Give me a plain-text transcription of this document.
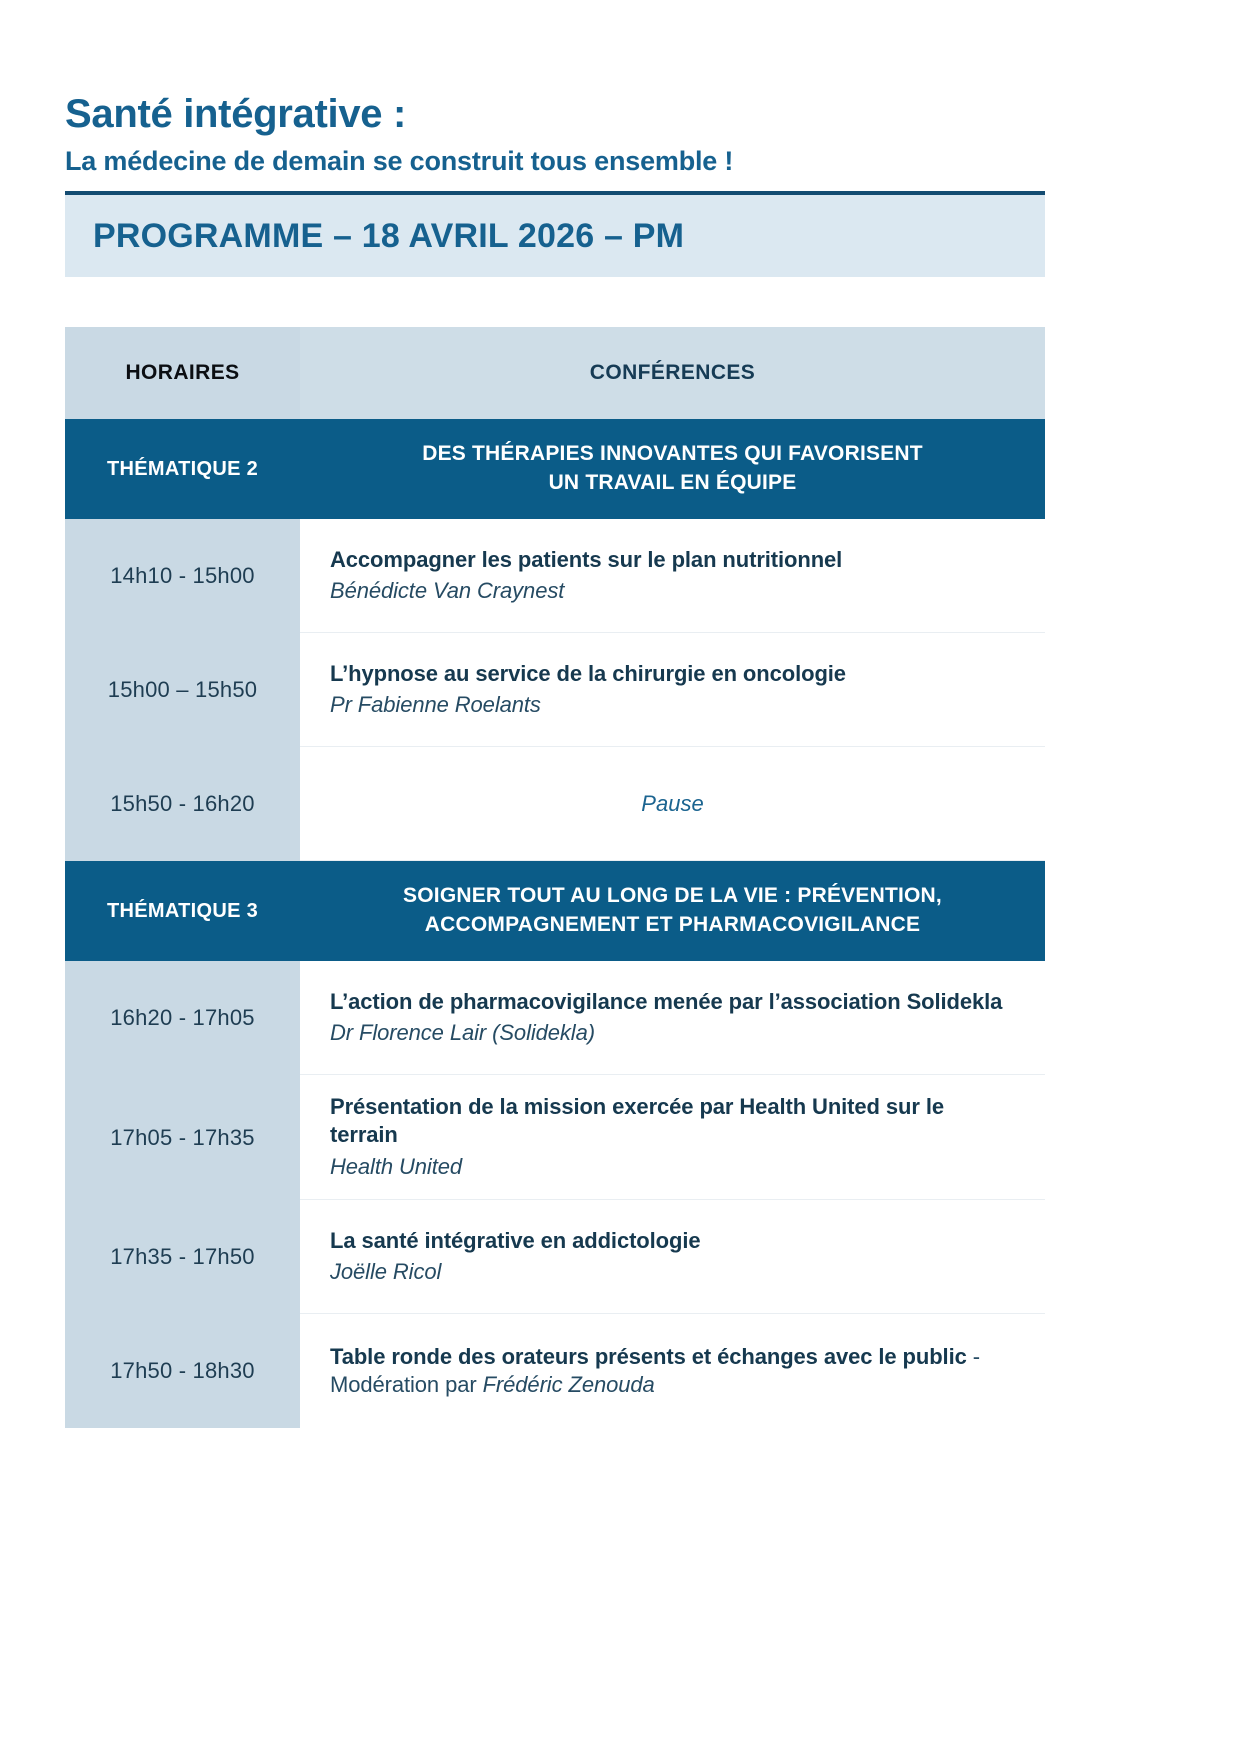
Santé intégrative :
La médecine de demain se construit tous ensemble !
PROGRAMME – 18 AVRIL 2026 – PM
HORAIRES	CONFÉRENCES
THÉMATIQUE 2
DES THÉRAPIES INNOVANTES QUI FAVORISENT
UN TRAVAIL EN ÉQUIPE
14h10 - 15h00
Accompagner les patients sur le plan nutritionnel
Bénédicte Van Craynest
15h00 – 15h50
L’hypnose au service de la chirurgie en oncologie
Pr Fabienne Roelants
15h50 - 16h20	Pause
THÉMATIQUE 3
SOIGNER TOUT AU LONG DE LA VIE : PRÉVENTION,
ACCOMPAGNEMENT ET PHARMACOVIGILANCE
16h20 - 17h05
L’action de pharmacovigilance menée par l’association Solidekla
Dr Florence Lair (Solidekla)
17h05 - 17h35
Présentation de la mission exercée par Health United sur le terrain
Health United
17h35 - 17h50
La santé intégrative en addictologie
Joëlle Ricol
17h50 - 18h30
Table ronde des orateurs présents et échanges avec le public - Modération par Frédéric Zenouda
